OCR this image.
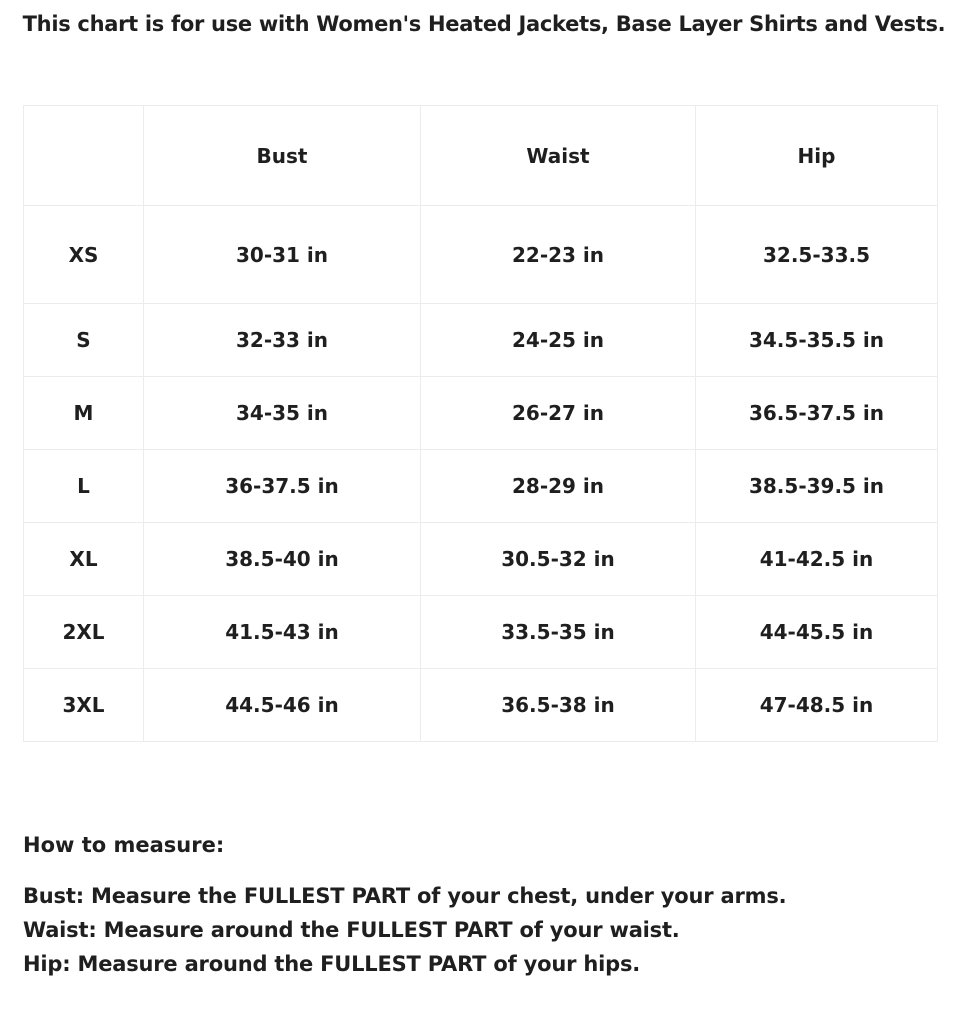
This chart is for use with Women's Heated Jackets, Base Layer Shirts and Vests.
	Bust	Waist	Hip
XS	30-31 in	22-23 in	32.5-33.5
S	32-33 in	24-25 in	34.5-35.5 in
M	34-35 in	26-27 in	36.5-37.5 in
L	36-37.5 in	28-29 in	38.5-39.5 in
XL	38.5-40 in	30.5-32 in	41-42.5 in
2XL	41.5-43 in	33.5-35 in	44-45.5 in
3XL	44.5-46 in	36.5-38 in	47-48.5 in
How to measure:
Bust: Measure the FULLEST PART of your chest, under your arms.
Waist: Measure around the FULLEST PART of your waist.
Hip: Measure around the FULLEST PART of your hips.
